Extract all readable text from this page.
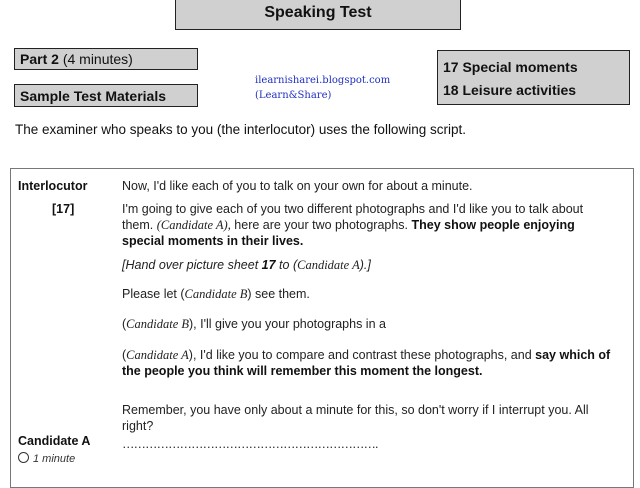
Speaking Test
Part 2 (4 minutes)
Sample Test Materials
17 Special moments
18 Leisure activities
ilearnisharei.blogspot.com
(Learn&Share)
The examiner who speaks to you (the interlocutor) uses the following script.
Interlocutor
[17]
Now, I'd like each of you to talk on your own for about a minute.
I'm going to give each of you two different photographs and I'd like you to talk about them. (Candidate A), here are your two photographs. They show people enjoying special moments in their lives.
[Hand over picture sheet 17 to (Candidate A).]
Please let (Candidate B) see them.
(Candidate B), I'll give you your photographs in a
(Candidate A), I'd like you to compare and contrast these photographs, and say which of the people you think will remember this moment the longest.
Remember, you have only about a minute for this, so don't worry if I interrupt you. All right?
Candidate A	………………………………………………………….
1 minute
